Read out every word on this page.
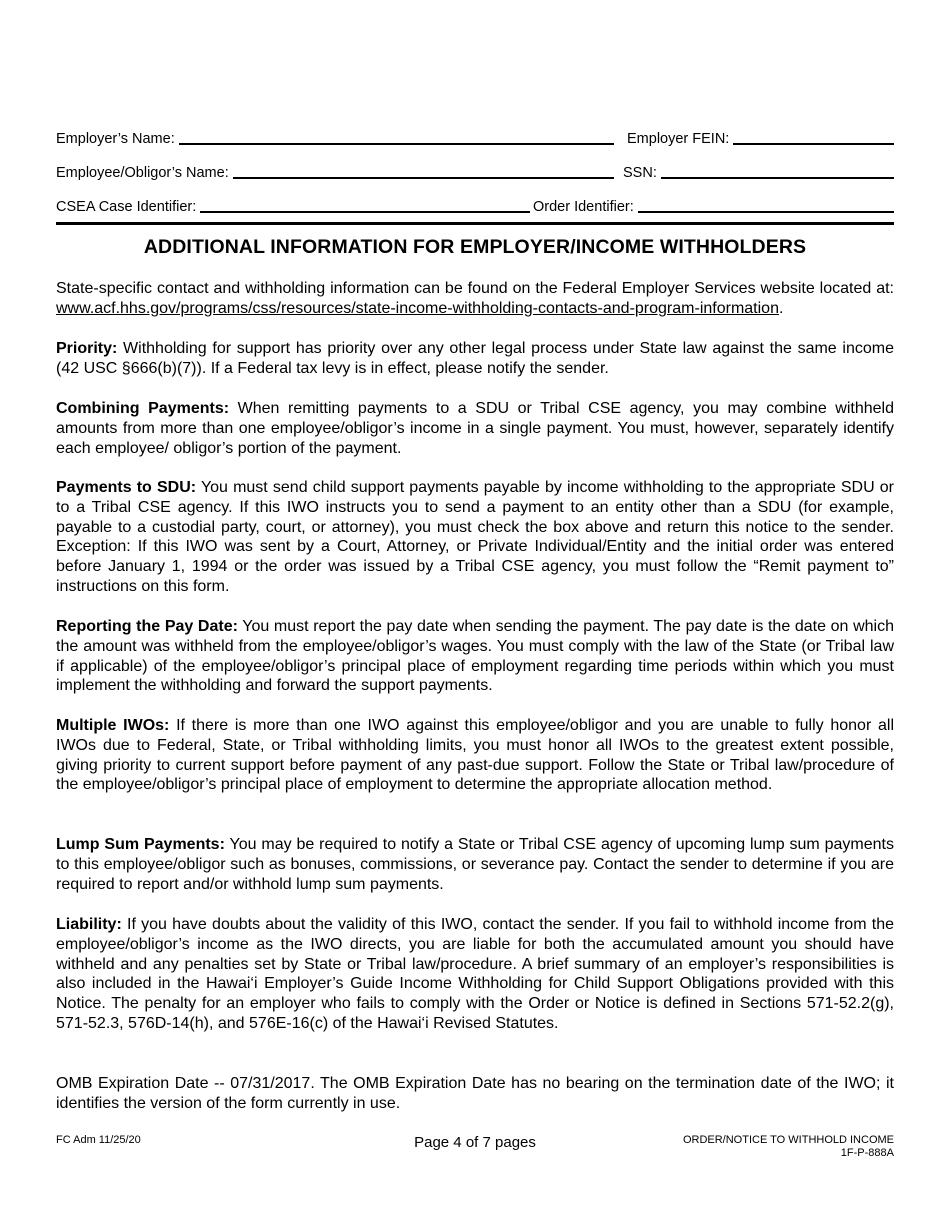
Employer’s Name:	Employer FEIN:
Employee/Obligor’s Name:	SSN:
CSEA Case Identifier:	Order Identifier:
ADDITIONAL INFORMATION FOR EMPLOYER/INCOME WITHHOLDERS
State-specific contact and withholding information can be found on the Federal Employer Services website located at: www.acf.hhs.gov/programs/css/resources/state-income-withholding-contacts-and-program-information.
Priority: Withholding for support has priority over any other legal process under State law against the same income (42 USC §666(b)(7)). If a Federal tax levy is in effect, please notify the sender.
Combining Payments: When remitting payments to a SDU or Tribal CSE agency, you may combine withheld amounts from more than one employee/obligor’s income in a single payment. You must, however, separately identify each employee/ obligor’s portion of the payment.
Payments to SDU: You must send child support payments payable by income withholding to the appropriate SDU or to a Tribal CSE agency. If this IWO instructs you to send a payment to an entity other than a SDU (for example, payable to a custodial party, court, or attorney), you must check the box above and return this notice to the sender. Exception: If this IWO was sent by a Court, Attorney, or Private Individual/Entity and the initial order was entered before January 1, 1994 or the order was issued by a Tribal CSE agency, you must follow the “Remit payment to” instructions on this form.
Reporting the Pay Date: You must report the pay date when sending the payment. The pay date is the date on which the amount was withheld from the employee/obligor’s wages. You must comply with the law of the State (or Tribal law if applicable) of the employee/obligor’s principal place of employment regarding time periods within which you must implement the withholding and forward the support payments.
Multiple IWOs: If there is more than one IWO against this employee/obligor and you are unable to fully honor all IWOs due to Federal, State, or Tribal withholding limits, you must honor all IWOs to the greatest extent possible, giving priority to current support before payment of any past-due support. Follow the State or Tribal law/procedure of the employee/obligor’s principal place of employment to determine the appropriate allocation method.
Lump Sum Payments: You may be required to notify a State or Tribal CSE agency of upcoming lump sum payments to this employee/obligor such as bonuses, commissions, or severance pay. Contact the sender to determine if you are required to report and/or withhold lump sum payments.
Liability: If you have doubts about the validity of this IWO, contact the sender. If you fail to withhold income from the employee/obligor’s income as the IWO directs, you are liable for both the accumulated amount you should have withheld and any penalties set by State or Tribal law/procedure. A brief summary of an employer’s responsibilities is also included in the Hawai‘i Employer’s Guide Income Withholding for Child Support Obligations provided with this Notice. The penalty for an employer who fails to comply with the Order or Notice is defined in Sections 571-52.2(g), 571-52.3, 576D-14(h), and 576E-16(c) of the Hawai‘i Revised Statutes.
OMB Expiration Date -- 07/31/2017. The OMB Expiration Date has no bearing on the termination date of the IWO; it identifies the version of the form currently in use.
FC Adm 11/25/20	Page 4 of 7 pages	ORDER/NOTICE TO WITHHOLD INCOME
1F-P-888A
